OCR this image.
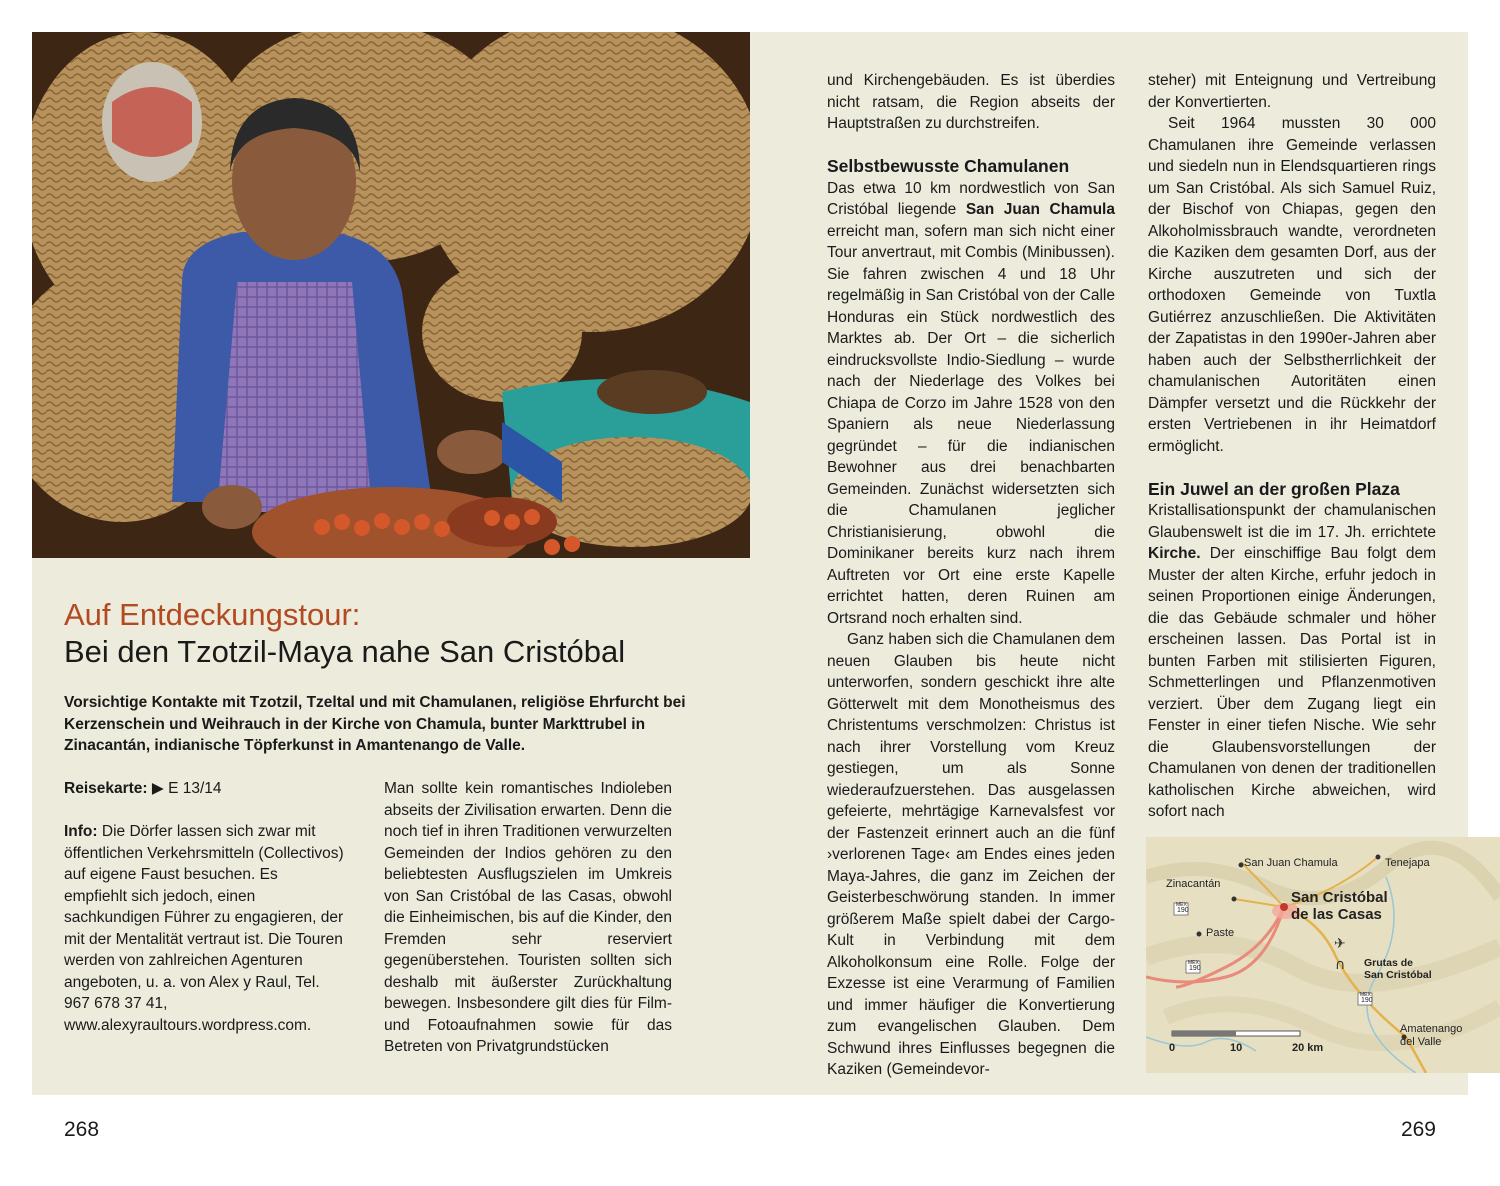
Auf Entdeckungstour:
Bei den Tzotzil-Maya nahe San Cristóbal
Vorsichtige Kontakte mit Tzotzil, Tzeltal und mit Chamulanen, religiöse Ehrfurcht bei Kerzenschein und Weihrauch in der Kirche von Chamula, bunter Markttrubel in Zinacantán, indianische Töpferkunst in Amantenango de Valle.

Reisekarte: ▶ E 13/14

Info: Die Dörfer lassen sich zwar mit öffentlichen Verkehrsmitteln (Collectivos) auf eigene Faust besuchen. Es empfiehlt sich jedoch, einen sachkundigen Führer zu engagieren, der mit der Mentalität vertraut ist. Die Touren werden von zahlreichen Agenturen angeboten, u. a. von Alex y Raul, Tel. 967 678 37 41, www.alexyraultours.wordpress.com.

Man sollte kein romantisches Indioleben abseits der Zivilisation erwarten. Denn die noch tief in ihren Traditionen verwurzelten Gemeinden der Indios gehören zu den beliebtesten Ausflugszielen im Umkreis von San Cristóbal de las Casas, obwohl die Einheimischen, bis auf die Kinder, den Fremden sehr reserviert gegenüberstehen. Touristen sollten sich deshalb mit äußerster Zurückhaltung bewegen. Insbesondere gilt dies für Film- und Fotoaufnahmen sowie für das Betreten von Privatgrundstücken

und Kirchengebäuden. Es ist überdies nicht ratsam, die Region abseits der Hauptstraßen zu durchstreifen.

Selbstbewusste Chamulanen

Das etwa 10 km nordwestlich von San Cristóbal liegende San Juan Chamula erreicht man, sofern man sich nicht einer Tour anvertraut, mit Combis (Minibussen). Sie fahren zwischen 4 und 18 Uhr regelmäßig in San Cristóbal von der Calle Honduras ein Stück nordwestlich des Marktes ab. Der Ort – die sicherlich eindrucksvollste Indio-Siedlung – wurde nach der Niederlage des Volkes bei Chiapa de Corzo im Jahre 1528 von den Spaniern als neue Niederlassung gegründet – für die indianischen Bewohner aus drei benachbarten Gemeinden. Zunächst widersetzten sich die Chamulanen jeglicher Christianisierung, obwohl die Dominikaner bereits kurz nach ihrem Auftreten vor Ort eine erste Kapelle errichtet hatten, deren Ruinen am Ortsrand noch erhalten sind.

Ganz haben sich die Chamulanen dem neuen Glauben bis heute nicht unterworfen, sondern geschickt ihre alte Götterwelt mit dem Monotheismus des Christentums verschmolzen: Christus ist nach ihrer Vorstellung vom Kreuz gestiegen, um als Sonne wiederaufzuerstehen. Das ausgelassen gefeierte, mehrtägige Karnevalsfest vor der Fastenzeit erinnert auch an die fünf ›verlorenen Tage‹ am Endes eines jeden Maya-Jahres, die ganz im Zeichen der Geisterbeschwörung standen. In immer größerem Maße spielt dabei der Cargo-Kult in Verbindung mit dem Alkoholkonsum eine Rolle. Folge der Exzesse ist eine Verarmung of Familien und immer häufiger die Konvertierung zum evangelischen Glauben. Dem Schwund ihres Einflusses begegnen die Kaziken (Gemeindevor-

steher) mit Enteignung und Vertreibung der Konvertierten.

Seit 1964 mussten 30 000 Chamulanen ihre Gemeinde verlassen und siedeln nun in Elendsquartieren rings um San Cristóbal. Als sich Samuel Ruiz, der Bischof von Chiapas, gegen den Alkoholmissbrauch wandte, verordneten die Kaziken dem gesamten Dorf, aus der Kirche auszutreten und sich der orthodoxen Gemeinde von Tuxtla Gutiérrez anzuschließen. Die Aktivitäten der Zapatistas in den 1990er-Jahren aber haben auch der Selbstherrlichkeit der chamulanischen Autoritäten einen Dämpfer versetzt und die Rückkehr der ersten Vertriebenen in ihr Heimatdorf ermöglicht.

Ein Juwel an der großen Plaza

Kristallisationspunkt der chamulanischen Glaubenswelt ist die im 17. Jh. errichtete Kirche. Der einschiffige Bau folgt dem Muster der alten Kirche, erfuhr jedoch in seinen Proportionen einige Änderungen, die das Gebäude schmaler und höher erscheinen lassen. Das Portal ist in bunten Farben mit stilisierten Figuren, Schmetterlingen und Pflanzenmotiven verziert. Über dem Zugang liegt ein Fenster in einer tiefen Nische. Wie sehr die Glaubensvorstellungen der Chamulanen von denen der traditionellen katholischen Kirche abweichen, wird sofort nach

✈
∩
San Juan Chamula	Tenejapa
Zinacantán
San Cristóbal
de las Casas
Paste
Grutas de
San Cristóbal
Amatenango
del Valle
MEX
190
MEX
190
MEX
190
0	10	20 km
268	269
